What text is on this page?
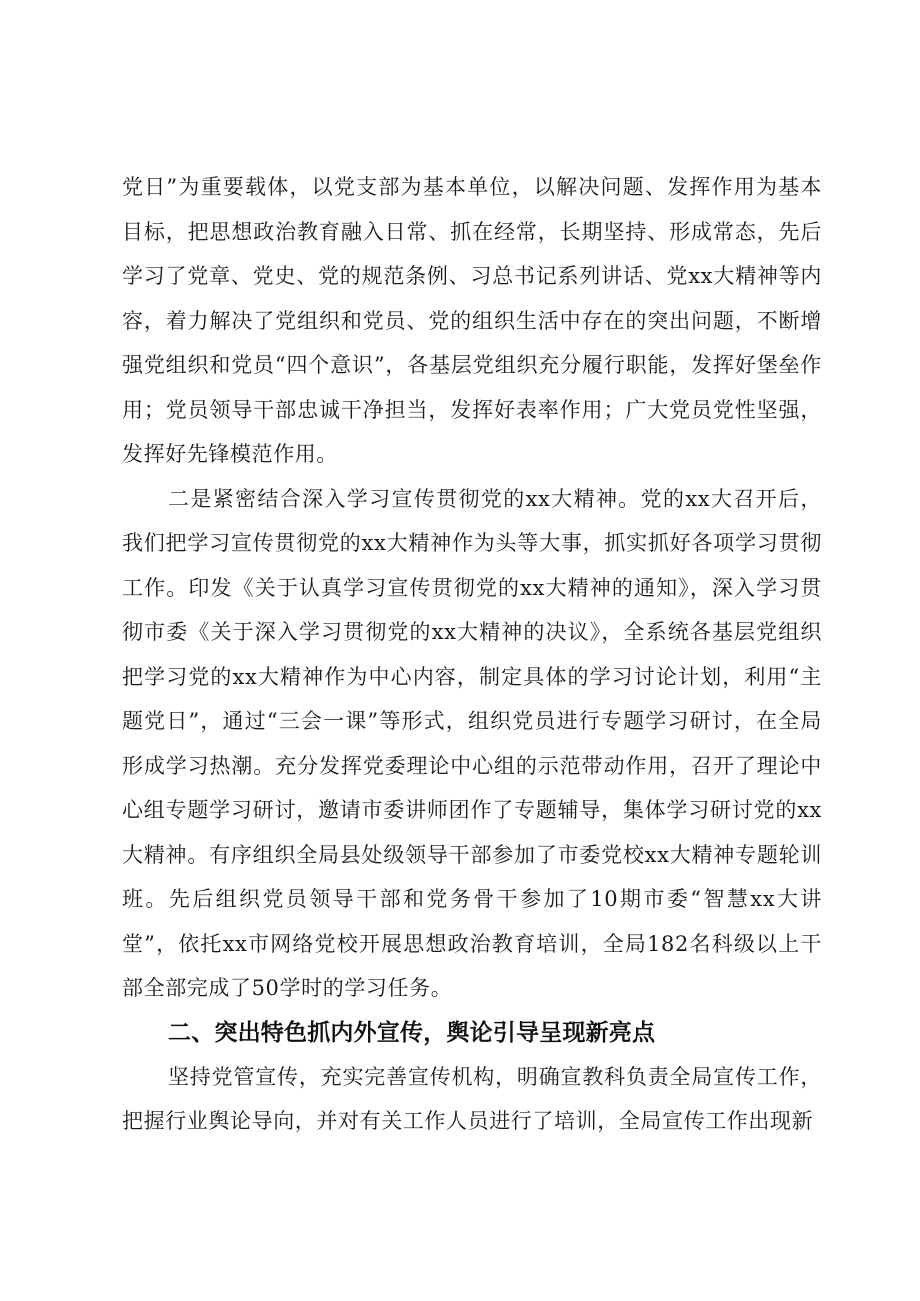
党日”为重要载体，以党支部为基本单位，以解决问题、发挥作用为基本目标，把思想政治教育融入日常、抓在经常，长期坚持、形成常态，先后学习了党章、党史、党的规范条例、习总书记系列讲话、党xx大精神等内容，着力解决了党组织和党员、党的组织生活中存在的突出问题，不断增强党组织和党员“四个意识”，各基层党组织充分履行职能，发挥好堡垒作用；党员领导干部忠诚干净担当，发挥好表率作用；广大党员党性坚强，发挥好先锋模范作用。

二是紧密结合深入学习宣传贯彻党的xx大精神。党的xx大召开后，我们把学习宣传贯彻党的xx大精神作为头等大事，抓实抓好各项学习贯彻工作。印发《关于认真学习宣传贯彻党的xx大精神的通知》，深入学习贯彻市委《关于深入学习贯彻党的xx大精神的决议》，全系统各基层党组织把学习党的xx大精神作为中心内容，制定具体的学习讨论计划，利用“主题党日”，通过“三会一课”等形式，组织党员进行专题学习研讨，在全局形成学习热潮。充分发挥党委理论中心组的示范带动作用，召开了理论中心组专题学习研讨，邀请市委讲师团作了专题辅导，集体学习研讨党的xx大精神。有序组织全局县处级领导干部参加了市委党校xx大精神专题轮训班。先后组织党员领导干部和党务骨干参加了10期市委“智慧xx大讲堂”，依托xx市网络党校开展思想政治教育培训，全局182名科级以上干部全部完成了50学时的学习任务。

二、突出特色抓内外宣传，舆论引导呈现新亮点

坚持党管宣传，充实完善宣传机构，明确宣教科负责全局宣传工作，把握行业舆论导向，并对有关工作人员进行了培训，全局宣传工作出现新
